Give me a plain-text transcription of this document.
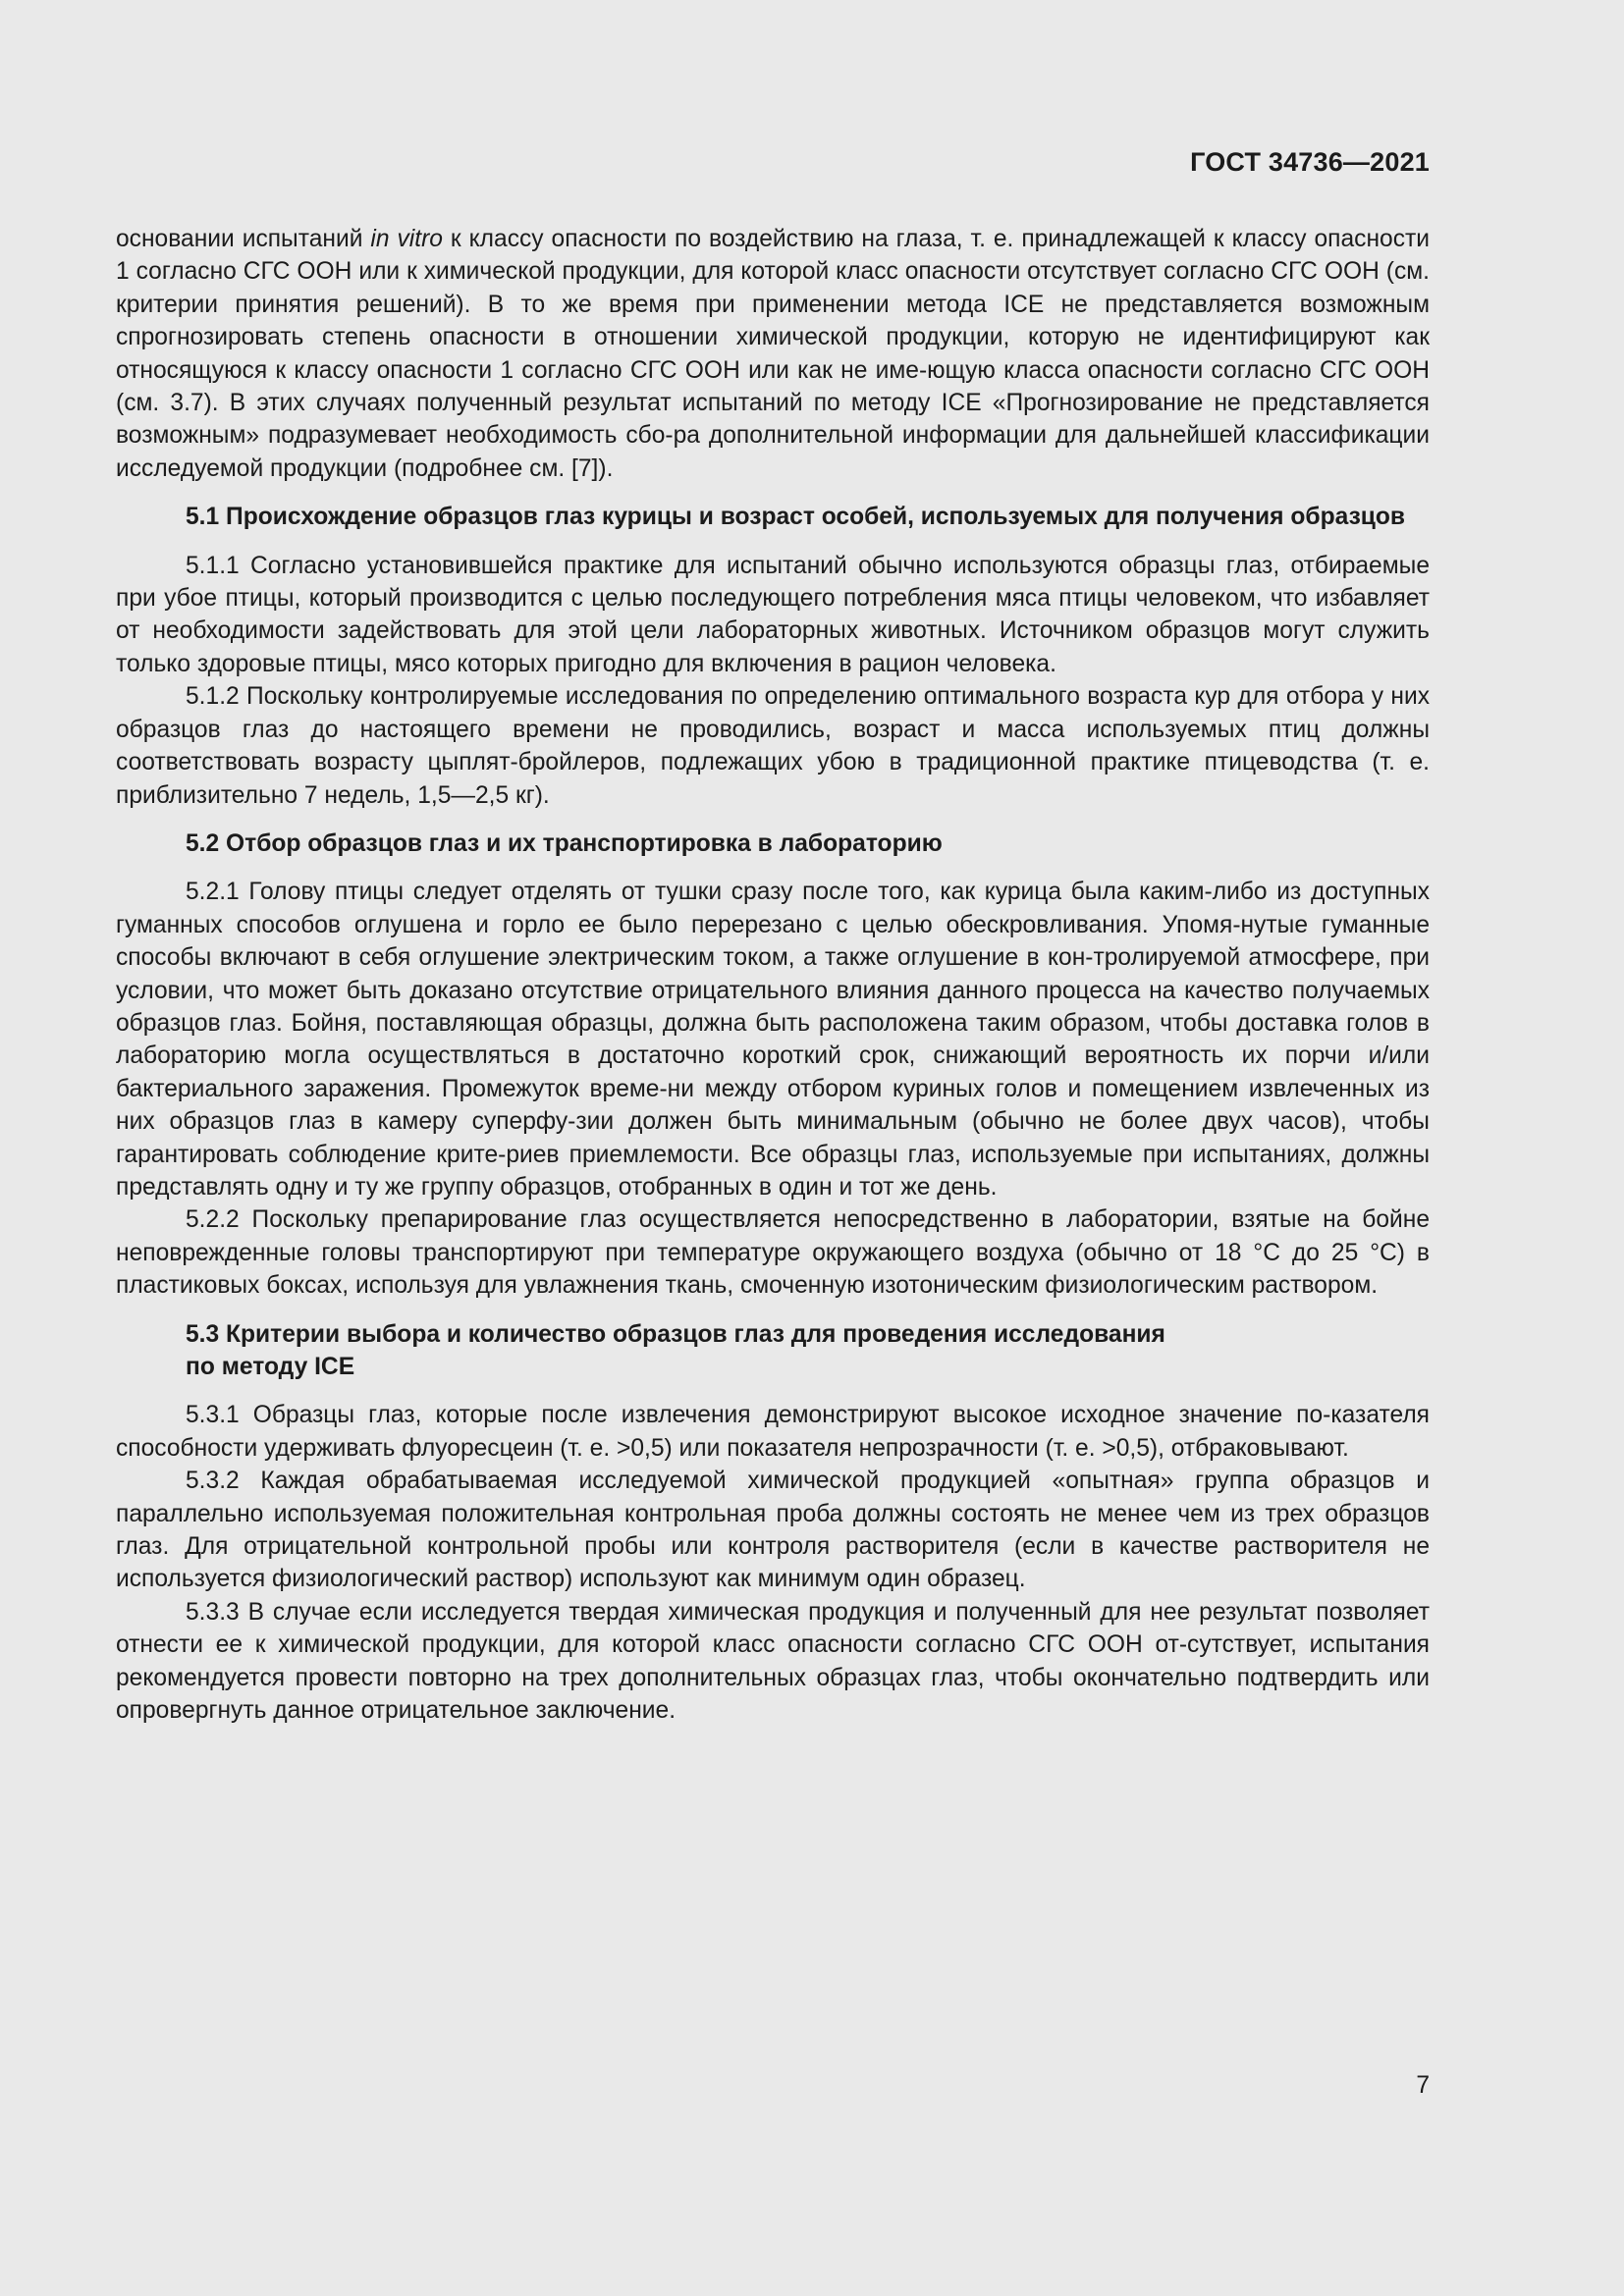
ГОСТ 34736—2021

основании испытаний in vitro к классу опасности по воздействию на глаза, т. е. принадлежащей к классу опасности 1 согласно СГС ООН или к химической продукции, для которой класс опасности отсутствует согласно СГС ООН (см. критерии принятия решений). В то же время при применении метода ICE не представляется возможным спрогнозировать степень опасности в отношении химической продукции, которую не идентифицируют как относящуюся к классу опасности 1 согласно СГС ООН или как не име-ющую класса опасности согласно СГС ООН (см. 3.7). В этих случаях полученный результат испытаний по методу ICE «Прогнозирование не представляется возможным» подразумевает необходимость сбо-ра дополнительной информации для дальнейшей классификации исследуемой продукции (подробнее см. [7]).

5.1 Происхождение образцов глаз курицы и возраст особей, используемых для получения образцов

5.1.1 Согласно установившейся практике для испытаний обычно используются образцы глаз, отбираемые при убое птицы, который производится с целью последующего потребления мяса птицы человеком, что избавляет от необходимости задействовать для этой цели лабораторных животных. Источником образцов могут служить только здоровые птицы, мясо которых пригодно для включения в рацион человека.

5.1.2 Поскольку контролируемые исследования по определению оптимального возраста кур для отбора у них образцов глаз до настоящего времени не проводились, возраст и масса используемых птиц должны соответствовать возрасту цыплят-бройлеров, подлежащих убою в традиционной практике птицеводства (т. е. приблизительно 7 недель, 1,5—2,5 кг).

5.2 Отбор образцов глаз и их транспортировка в лабораторию

5.2.1 Голову птицы следует отделять от тушки сразу после того, как курица была каким-либо из доступных гуманных способов оглушена и горло ее было перерезано с целью обескровливания. Упомя-нутые гуманные способы включают в себя оглушение электрическим током, а также оглушение в кон-тролируемой атмосфере, при условии, что может быть доказано отсутствие отрицательного влияния данного процесса на качество получаемых образцов глаз. Бойня, поставляющая образцы, должна быть расположена таким образом, чтобы доставка голов в лабораторию могла осуществляться в достаточно короткий срок, снижающий вероятность их порчи и/или бактериального заражения. Промежуток време-ни между отбором куриных голов и помещением извлеченных из них образцов глаз в камеру суперфу-зии должен быть минимальным (обычно не более двух часов), чтобы гарантировать соблюдение крите-риев приемлемости. Все образцы глаз, используемые при испытаниях, должны представлять одну и ту же группу образцов, отобранных в один и тот же день.

5.2.2 Поскольку препарирование глаз осуществляется непосредственно в лаборатории, взятые на бойне неповрежденные головы транспортируют при температуре окружающего воздуха (обычно от 18 °C до 25 °C) в пластиковых боксах, используя для увлажнения ткань, смоченную изотоническим физиологическим раствором.

5.3 Критерии выбора и количество образцов глаз для проведения исследования
по методу ICE

5.3.1 Образцы глаз, которые после извлечения демонстрируют высокое исходное значение по-казателя способности удерживать флуоресцеин (т. е. >0,5) или показателя непрозрачности (т. е. >0,5), отбраковывают.

5.3.2 Каждая обрабатываемая исследуемой химической продукцией «опытная» группа образцов и параллельно используемая положительная контрольная проба должны состоять не менее чем из трех образцов глаз. Для отрицательной контрольной пробы или контроля растворителя (если в качестве растворителя не используется физиологический раствор) используют как минимум один образец.

5.3.3 В случае если исследуется твердая химическая продукция и полученный для нее результат позволяет отнести ее к химической продукции, для которой класс опасности согласно СГС ООН от-сутствует, испытания рекомендуется провести повторно на трех дополнительных образцах глаз, чтобы окончательно подтвердить или опровергнуть данное отрицательное заключение.

7
